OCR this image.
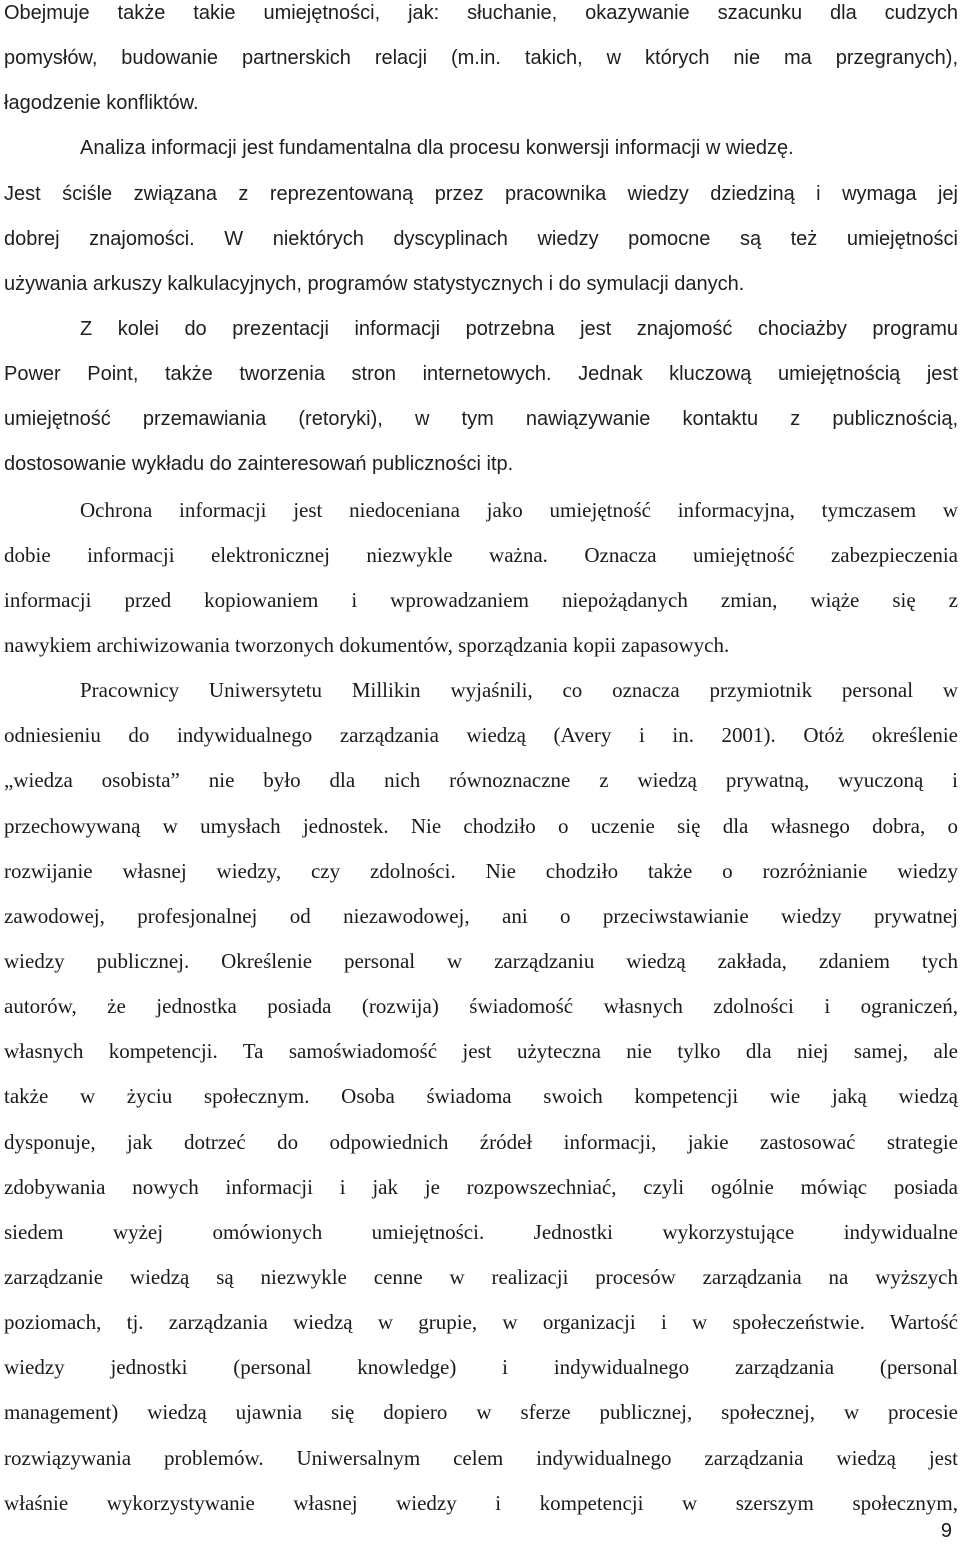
Obejmuje także takie umiejętności, jak: słuchanie, okazywanie szacunku dla cudzych

pomysłów, budowanie partnerskich relacji (m.in. takich, w których nie ma przegranych),

łagodzenie konfliktów.

Analiza informacji jest fundamentalna dla procesu konwersji informacji w wiedzę.

Jest ściśle związana z reprezentowaną przez pracownika wiedzy dziedziną i wymaga jej

dobrej znajomości. W niektórych dyscyplinach wiedzy pomocne są też umiejętności

używania arkuszy kalkulacyjnych, programów statystycznych i do symulacji danych.

Z kolei do prezentacji informacji potrzebna jest znajomość chociażby programu

Power Point, także tworzenia stron internetowych. Jednak kluczową umiejętnością jest

umiejętność przemawiania (retoryki), w tym nawiązywanie kontaktu z publicznością,

dostosowanie wykładu do zainteresowań publiczności itp.

Ochrona informacji jest niedoceniana jako umiejętność informacyjna, tymczasem w

dobie informacji elektronicznej niezwykle ważna. Oznacza umiejętność zabezpieczenia

informacji przed kopiowaniem i wprowadzaniem niepożądanych zmian, wiąże się z

nawykiem archiwizowania tworzonych dokumentów, sporządzania kopii zapasowych.

Pracownicy Uniwersytetu Millikin wyjaśnili, co oznacza przymiotnik personal w

odniesieniu do indywidualnego zarządzania wiedzą (Avery i in. 2001). Otóż określenie

„wiedza osobista” nie było dla nich równoznaczne z wiedzą prywatną, wyuczoną i

przechowywaną w umysłach jednostek. Nie chodziło o uczenie się dla własnego dobra, o

rozwijanie własnej wiedzy, czy zdolności. Nie chodziło także o rozróżnianie wiedzy

zawodowej, profesjonalnej od niezawodowej, ani o przeciwstawianie wiedzy prywatnej

wiedzy publicznej. Określenie personal w zarządzaniu wiedzą zakłada, zdaniem tych

autorów, że jednostka posiada (rozwija) świadomość własnych zdolności i ograniczeń,

własnych kompetencji. Ta samoświadomość jest użyteczna nie tylko dla niej samej, ale

także w życiu społecznym. Osoba świadoma swoich kompetencji wie jaką wiedzą

dysponuje, jak dotrzeć do odpowiednich źródeł informacji, jakie zastosować strategie

zdobywania nowych informacji i jak je rozpowszechniać, czyli ogólnie mówiąc posiada

siedem wyżej omówionych umiejętności. Jednostki wykorzystujące indywidualne

zarządzanie wiedzą są niezwykle cenne w realizacji procesów zarządzania na wyższych

poziomach, tj. zarządzania wiedzą w grupie, w organizacji i w społeczeństwie. Wartość

wiedzy jednostki (personal knowledge) i indywidualnego zarządzania (personal

management) wiedzą ujawnia się dopiero w sferze publicznej, społecznej, w procesie

rozwiązywania problemów. Uniwersalnym celem indywidualnego zarządzania wiedzą jest

właśnie wykorzystywanie własnej wiedzy i kompetencji w szerszym społecznym,

9
